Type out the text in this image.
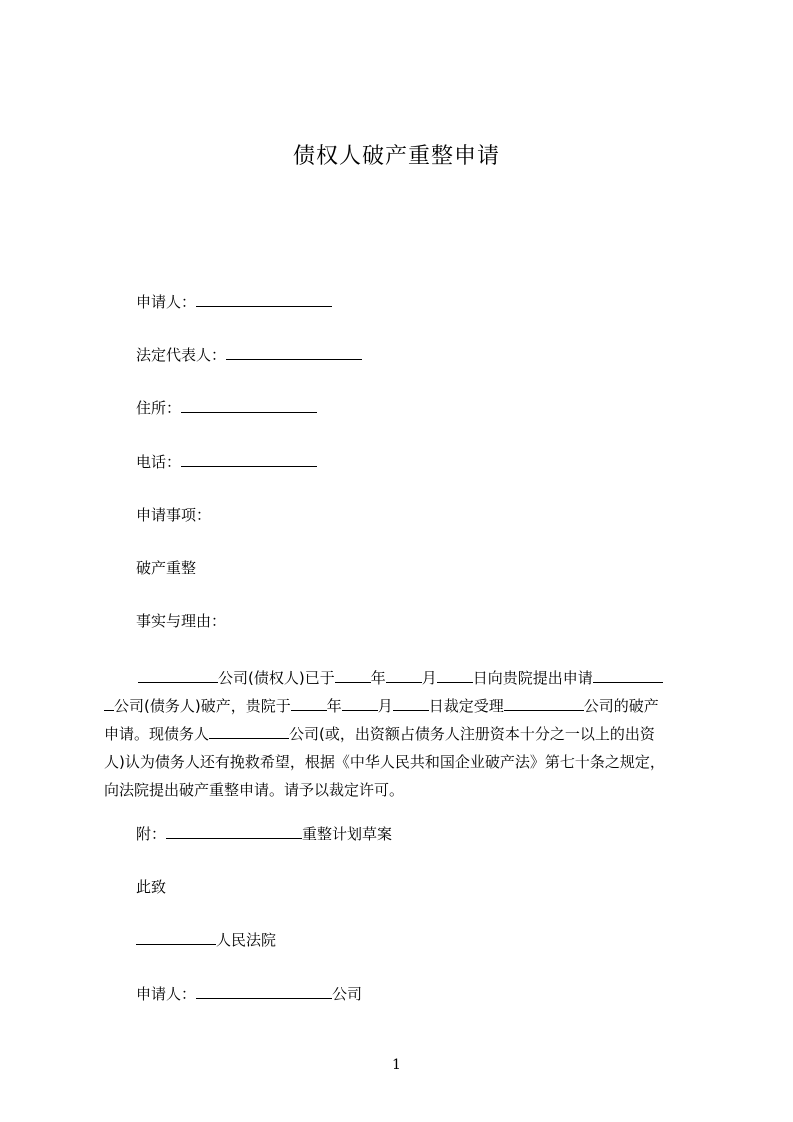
债权人破产重整申请
申请人：
法定代表人：
住所：
电话：
申请事项：
破产重整
事实与理由：
公司(债权人)已于 年 月 日向贵院提出申请
公司(债务人)破产，贵院于 年 月 日裁定受理	公司的破产
申请。现债务人	公司(或，出资额占债务人注册资本十分之一以上的出资
人)认为债务人还有挽救希望，根据《中华人民共和国企业破产法》第七十条之规定，
向法院提出破产重整申请。请予以裁定许可。
附：	重整计划草案
此致
人民法院
申请人：	公司
1
